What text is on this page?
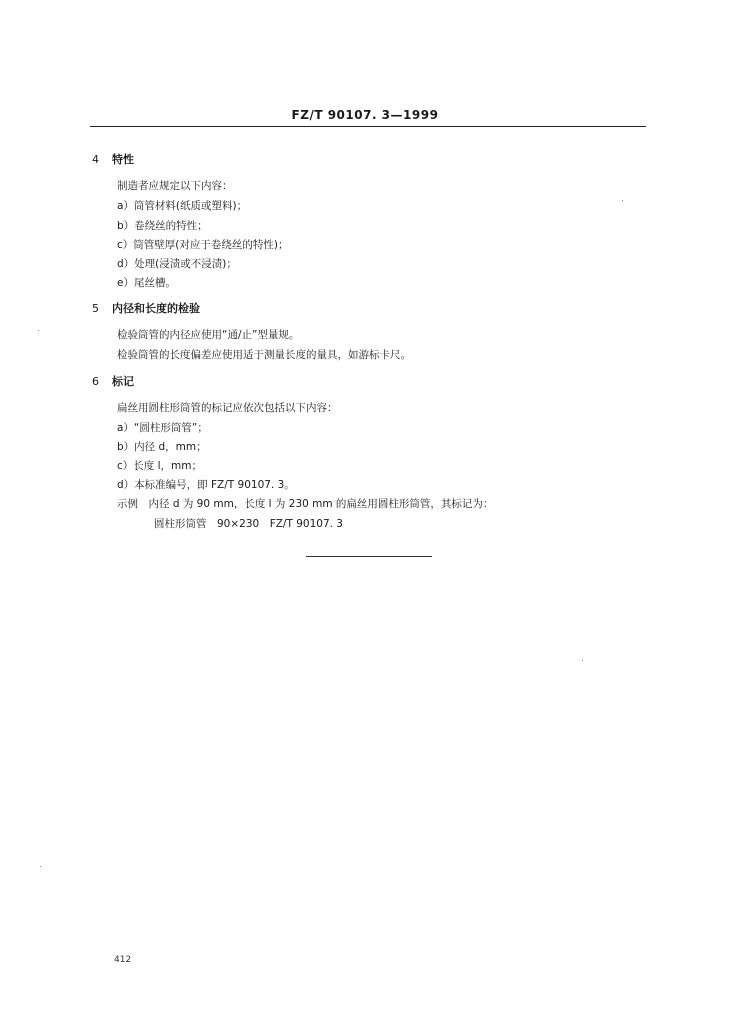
FZ/T 90107. 3—1999
4 特性
制造者应规定以下内容：
a）筒管材料(纸质或塑料)；
b）卷绕丝的特性；
c）筒管壁厚(对应于卷绕丝的特性)；
d）处理(浸渍或不浸渍)；
e）尾丝槽。
5 内径和长度的检验
检验筒管的内径应使用“通/止”型量规。
检验筒管的长度偏差应使用适于测量长度的量具，如游标卡尺。
6 标记
扁丝用圆柱形筒管的标记应依次包括以下内容：
a）“圆柱形筒管”；
b）内径 d，mm；
c）长度 l，mm；
d）本标准编号，即 FZ/T 90107. 3。
示例　内径 d 为 90 mm，长度 l 为 230 mm 的扁丝用圆柱形筒管，其标记为：
圆柱形筒管　90×230　FZ/T 90107. 3
412
